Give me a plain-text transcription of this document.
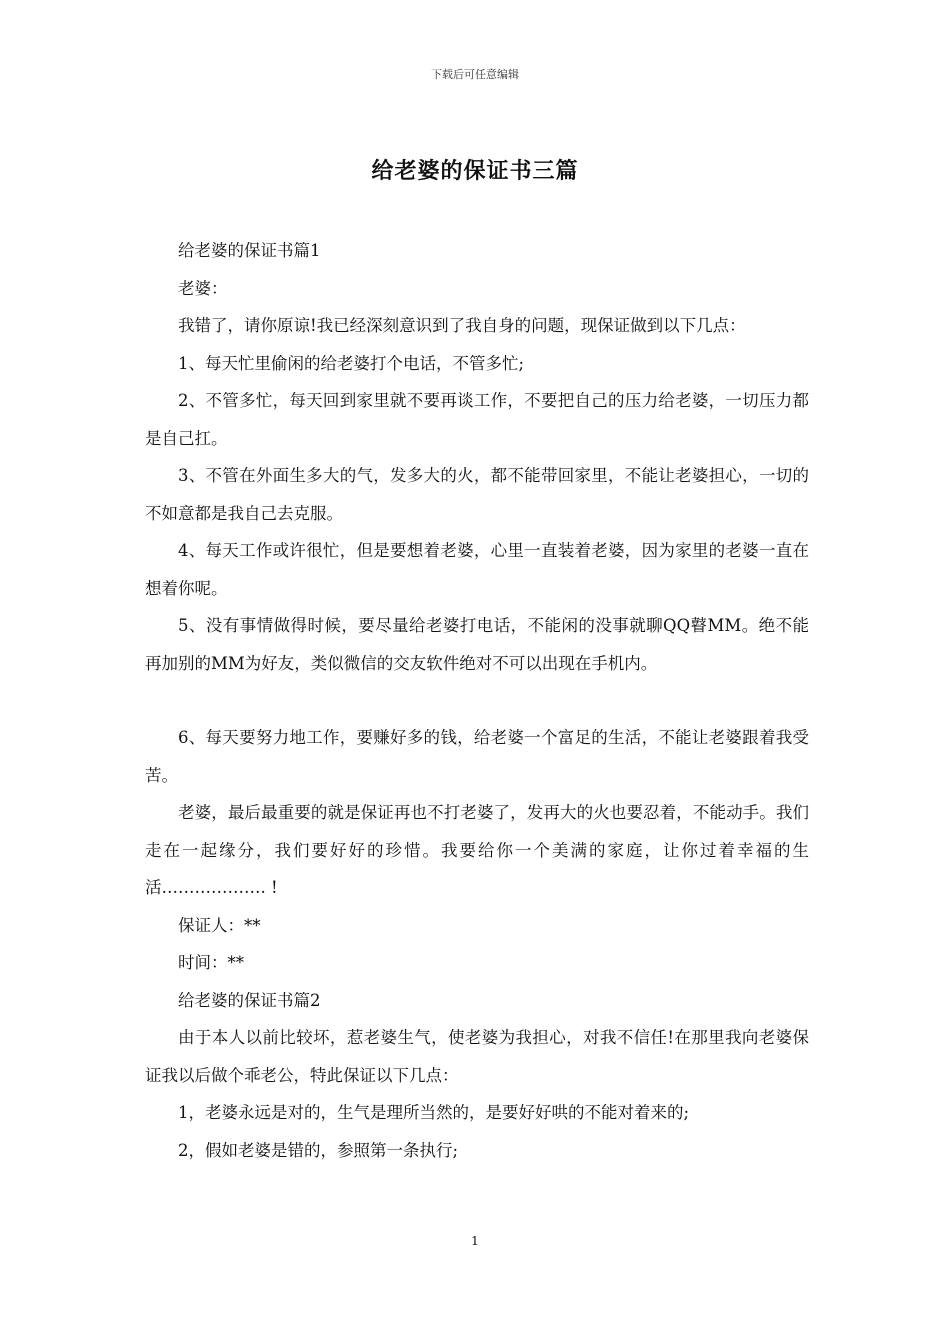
下载后可任意编辑
给老婆的保证书三篇

给老婆的保证书篇1

老婆：

我错了，请你原谅!我已经深刻意识到了我自身的问题，现保证做到以下几点：

1、每天忙里偷闲的给老婆打个电话，不管多忙;

2、不管多忙，每天回到家里就不要再谈工作，不要把自己的压力给老婆，一切压力都是自己扛。

3、不管在外面生多大的气，发多大的火，都不能带回家里，不能让老婆担心，一切的不如意都是我自己去克服。

4、每天工作或许很忙，但是要想着老婆，心里一直装着老婆，因为家里的老婆一直在想着你呢。

5、没有事情做得时候，要尽量给老婆打电话，不能闲的没事就聊QQ瞽MM。绝不能再加别的MM为好友，类似微信的交友软件绝对不可以出现在手机内。

6、每天要努力地工作，要赚好多的钱，给老婆一个富足的生活，不能让老婆跟着我受苦。

老婆，最后最重要的就是保证再也不打老婆了，发再大的火也要忍着，不能动手。我们走在一起缘分，我们要好好的珍惜。我要给你一个美满的家庭，让你过着幸福的生活………………. !

保证人：**

时间：**

给老婆的保证书篇2

由于本人以前比较坏，惹老婆生气，使老婆为我担心，对我不信任!在那里我向老婆保证我以后做个乖老公，特此保证以下几点：

1，老婆永远是对的，生气是理所当然的，是要好好哄的不能对着来的;

2，假如老婆是错的，参照第一条执行;

1
